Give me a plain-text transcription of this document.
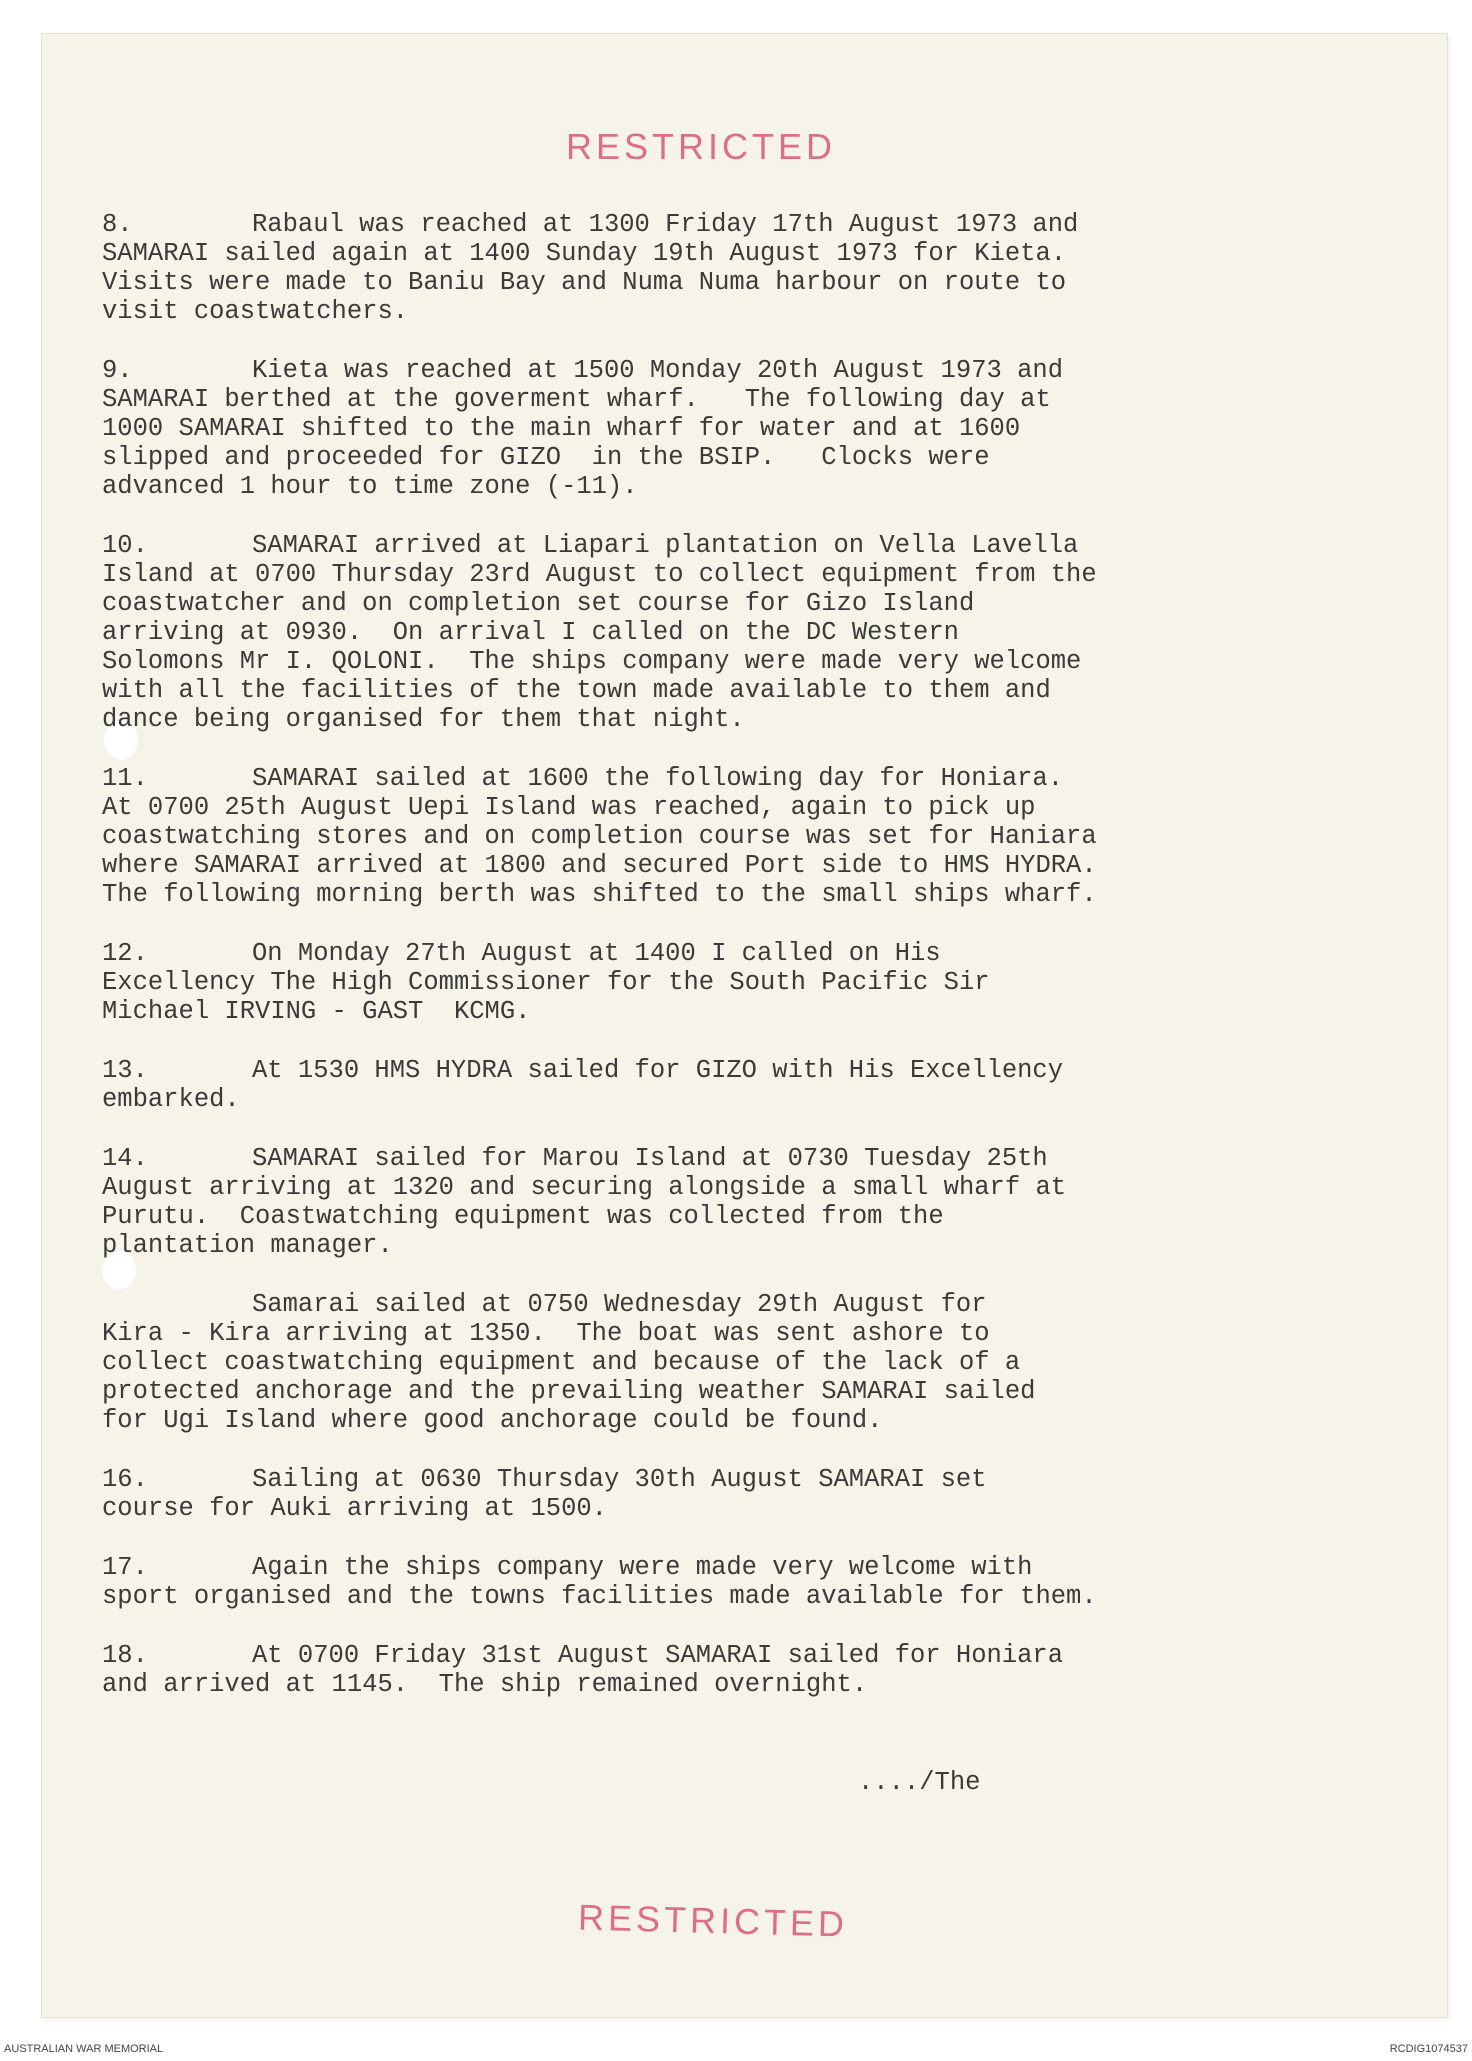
RESTRICTED
8.	Rabaul was reached at 1300 Friday 17th August 1973 and
SAMARAI sailed again at 1400 Sunday 19th August 1973 for Kieta.
Visits were made to Baniu Bay and Numa Numa harbour on route to
visit coastwatchers.
9.	Kieta was reached at 1500 Monday 20th August 1973 and
SAMARAI berthed at the goverment wharf.   The following day at
1000 SAMARAI shifted to the main wharf for water and at 1600
slipped and proceeded for GIZO  in the BSIP.   Clocks were
advanced 1 hour to time zone (-11).
10.	SAMARAI arrived at Liapari plantation on Vella Lavella
Island at 0700 Thursday 23rd August to collect equipment from the
coastwatcher and on completion set course for Gizo Island
arriving at 0930.  On arrival I called on the DC Western
Solomons Mr I. QOLONI.  The ships company were made very welcome
with all the facilities of the town made available to them and
dance being organised for them that night.
11.	SAMARAI sailed at 1600 the following day for Honiara.
At 0700 25th August Uepi Island was reached, again to pick up
coastwatching stores and on completion course was set for Haniara
where SAMARAI arrived at 1800 and secured Port side to HMS HYDRA.
The following morning berth was shifted to the small ships wharf.
12.	On Monday 27th August at 1400 I called on His
Excellency The High Commissioner for the South Pacific Sir
Michael IRVING - GAST  KCMG.
13.	At 1530 HMS HYDRA sailed for GIZO with His Excellency
embarked.
14.	SAMARAI sailed for Marou Island at 0730 Tuesday 25th
August arriving at 1320 and securing alongside a small wharf at
Purutu.  Coastwatching equipment was collected from the
plantation manager.
Samarai sailed at 0750 Wednesday 29th August for
Kira - Kira arriving at 1350.  The boat was sent ashore to
collect coastwatching equipment and because of the lack of a
protected anchorage and the prevailing weather SAMARAI sailed
for Ugi Island where good anchorage could be found.
16.	Sailing at 0630 Thursday 30th August SAMARAI set
course for Auki arriving at 1500.
17.	Again the ships company were made very welcome with
sport organised and the towns facilities made available for them.
18.	At 0700 Friday 31st August SAMARAI sailed for Honiara
and arrived at 1145.  The ship remained overnight.
..../The
RESTRICTED
AUSTRALIAN WAR MEMORIAL	RCDIG1074537
